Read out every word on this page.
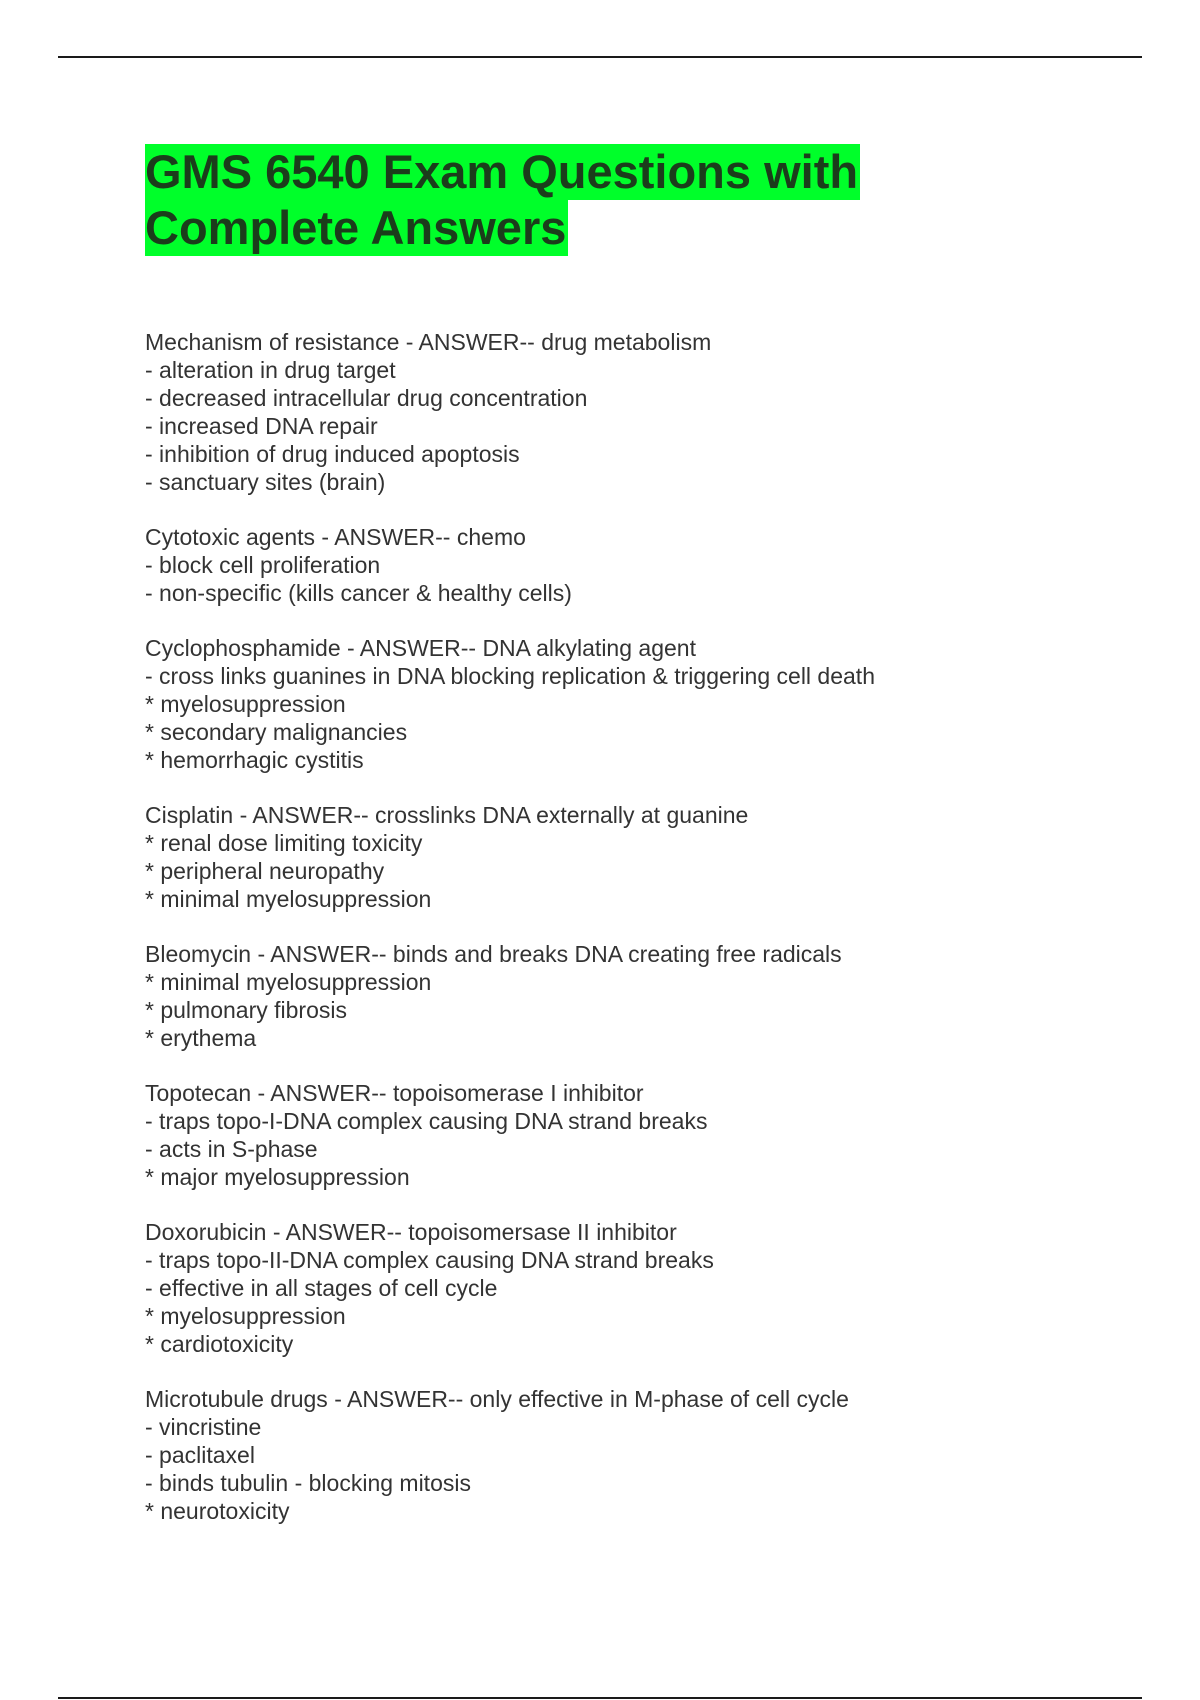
GMS 6540 Exam Questions with
Complete Answers
Mechanism of resistance - ANSWER-- drug metabolism
- alteration in drug target
- decreased intracellular drug concentration
- increased DNA repair
- inhibition of drug induced apoptosis
- sanctuary sites (brain)
Cytotoxic agents - ANSWER-- chemo
- block cell proliferation
- non-specific (kills cancer & healthy cells)
Cyclophosphamide - ANSWER-- DNA alkylating agent
- cross links guanines in DNA blocking replication & triggering cell death
* myelosuppression
* secondary malignancies
* hemorrhagic cystitis
Cisplatin - ANSWER-- crosslinks DNA externally at guanine
* renal dose limiting toxicity
* peripheral neuropathy
* minimal myelosuppression
Bleomycin - ANSWER-- binds and breaks DNA creating free radicals
* minimal myelosuppression
* pulmonary fibrosis
* erythema
Topotecan - ANSWER-- topoisomerase I inhibitor
- traps topo-I-DNA complex causing DNA strand breaks
- acts in S-phase
* major myelosuppression
Doxorubicin - ANSWER-- topoisomersase II inhibitor
- traps topo-II-DNA complex causing DNA strand breaks
- effective in all stages of cell cycle
* myelosuppression
* cardiotoxicity
Microtubule drugs - ANSWER-- only effective in M-phase of cell cycle
- vincristine
- paclitaxel
- binds tubulin - blocking mitosis
* neurotoxicity
